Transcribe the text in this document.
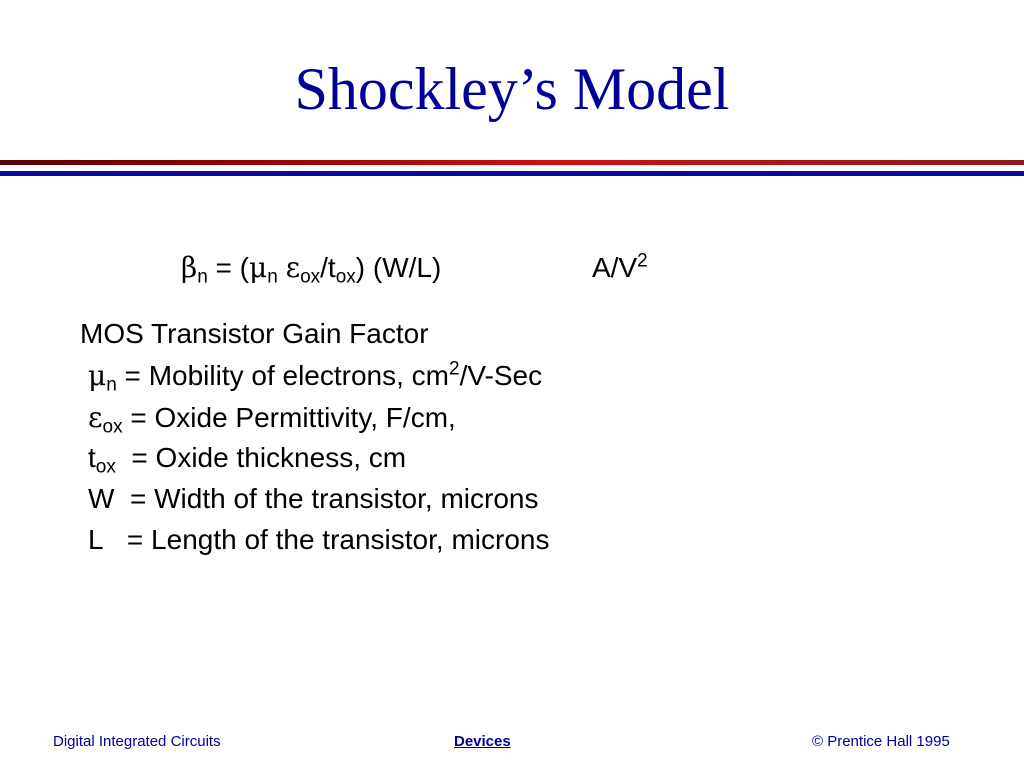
Shockley’s Model
$\beta_n = (\mu_n$ $\varepsilon_{ox}/t_{ox}$) (W/L)	$A/V^2$
MOS Transistor Gain Factor
$\mu_n$ = Mobility of electrons, $cm^2/V$-Sec
$\varepsilon_{ox}$ = Oxide Permittivity, F/cm,
$t_{ox}$  = Oxide thickness, cm
W  = Width of the transistor, microns
L   = Length of the transistor, microns
Digital Integrated Circuits	Devices	© Prentice Hall 1995
